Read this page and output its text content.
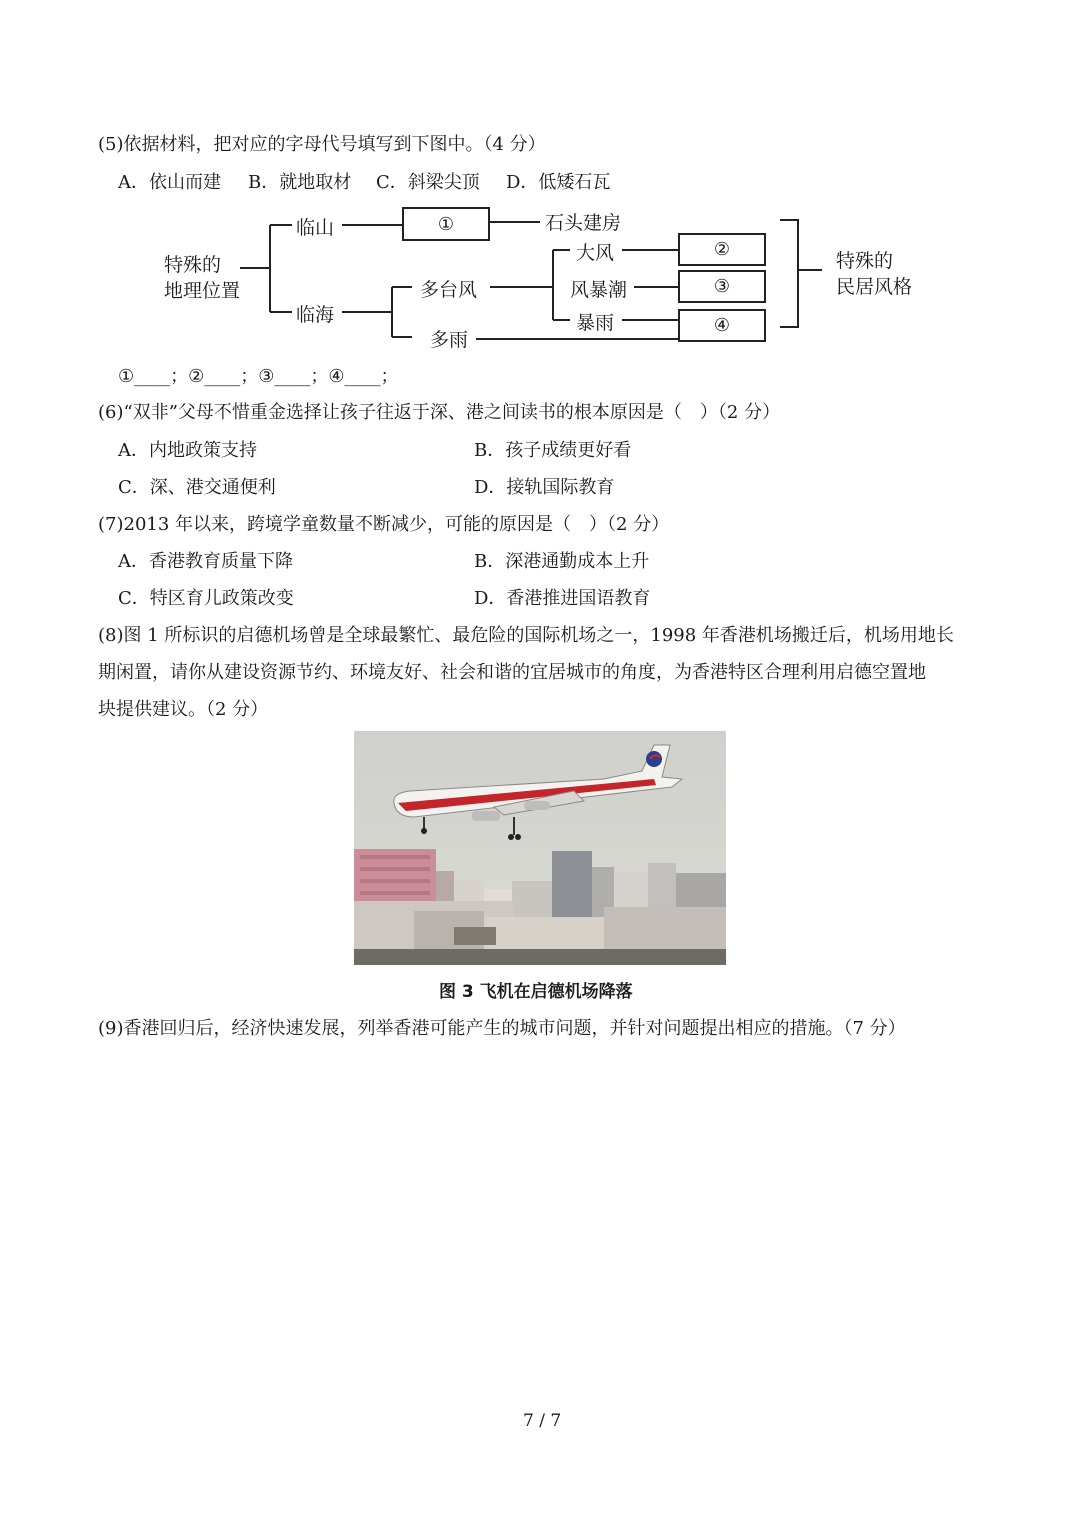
(5)依据材料，把对应的字母代号填写到下图中。（4 分）
A．依山而建 B．就地取材 C．斜梁尖顶 D．低矮石瓦
特殊的
地理位置
临山
临海
①	石头建房
多台风
多雨
大风
风暴潮
暴雨
②
③
④
特殊的
民居风格
①____；②____；③____；④____；
(6)“双非”父母不惜重金选择让孩子往返于深、港之间读书的根本原因是（　）（2 分）
A．内地政策支持	B．孩子成绩更好看
C．深、港交通便利	D．接轨国际教育
(7)2013 年以来，跨境学童数量不断减少，可能的原因是（　）（2 分）
A．香港教育质量下降	B．深港通勤成本上升
C．特区育儿政策改变	D．香港推进国语教育
(8)图 1 所标识的启德机场曾是全球最繁忙、最危险的国际机场之一，1998 年香港机场搬迁后，机场用地长
期闲置，请你从建设资源节约、环境友好、社会和谐的宜居城市的角度，为香港特区合理利用启德空置地
块提供建议。（2 分）
图 3 飞机在启德机场降落
(9)香港回归后，经济快速发展，列举香港可能产生的城市问题，并针对问题提出相应的措施。（7 分）
7 / 7
